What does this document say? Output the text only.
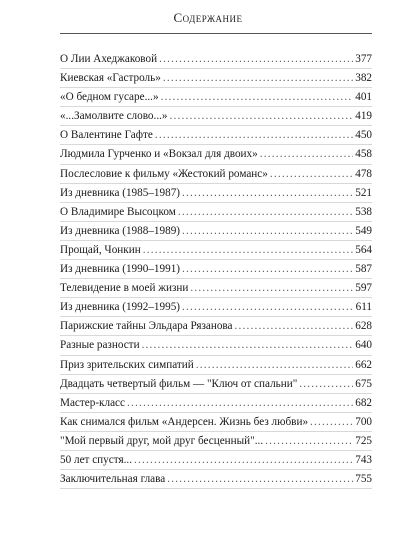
Содержание
О Лии Ахеджаковой .....	377
Киевская «Гастроль» .....	382
«О бедном гусаре...» .....	401
«...Замолвите слово...» .....	419
О Валентине Гафте .....	450
Людмила Гурченко и «Вокзал для двоих» .....	458
Послесловие к фильму «Жестокий романс» .....	478
Из дневника (1985–1987) .....	521
О Владимире Высоцком .....	538
Из дневника (1988–1989) .....	549
Прощай, Чонкин .....	564
Из дневника (1990–1991) .....	587
Телевидение в моей жизни .....	597
Из дневника (1992–1995) .....	611
Парижские тайны Эльдара Рязанова .....	628
Разные разности .....	640
Приз зрительских симпатий .....	662
Двадцать четвертый фильм — "Ключ от спальни" .....	675
Мастер-класс .....	682
Как снимался фильм «Андерсен. Жизнь без любви» .....	700
"Мой первый друг, мой друг бесценный"... .....	725
50 лет спустя... .....	743
Заключительная глава .....	755
